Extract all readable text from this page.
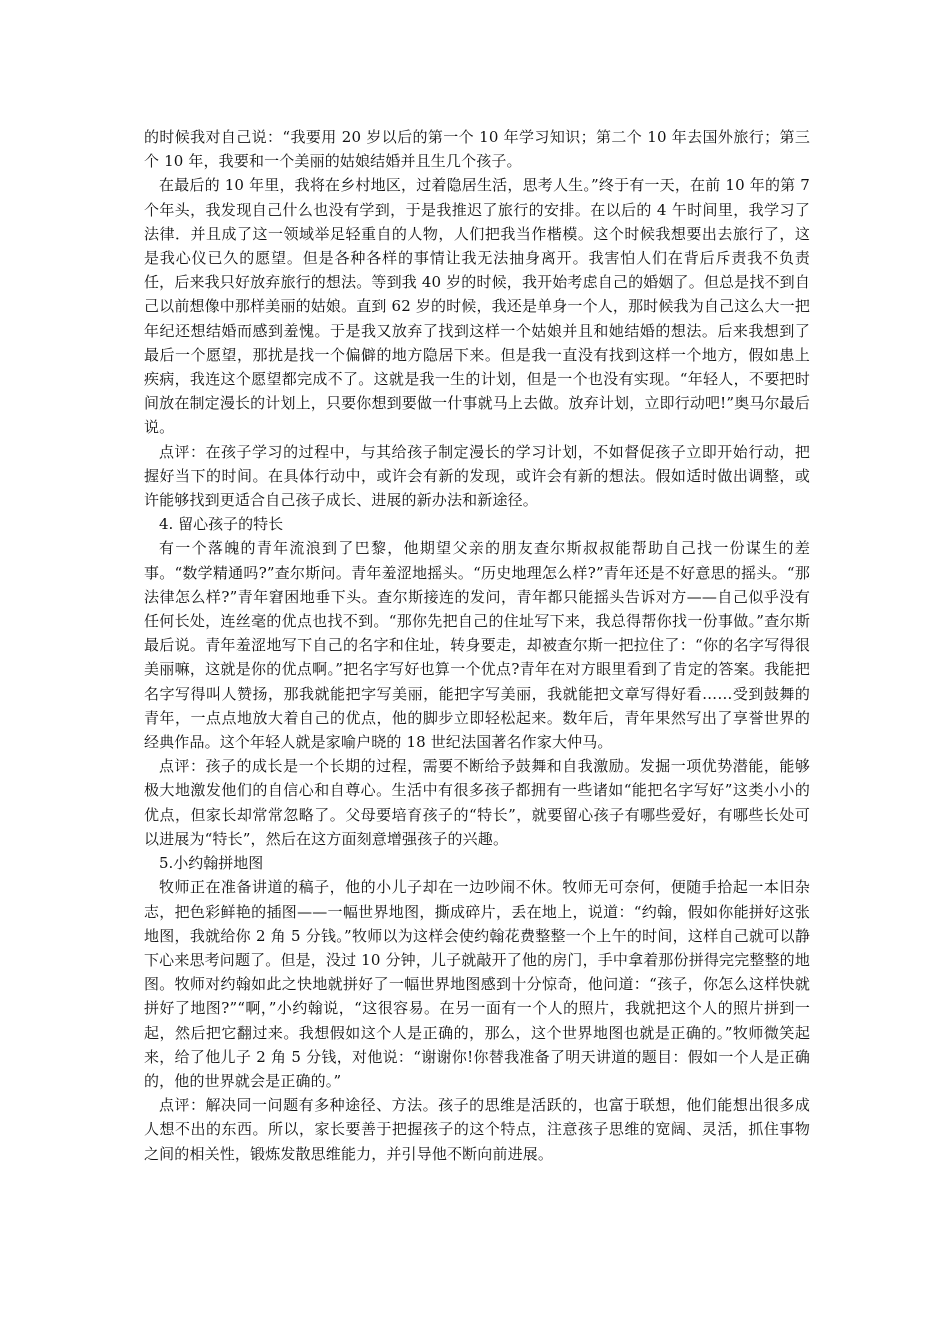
的时候我对自己说：“我要用 20 岁以后的第一个 10 年学习知识；第二个 10 年去国外旅行；第三个 10 年，我要和一个美丽的姑娘结婚并且生几个孩子。

在最后的 10 年里，我将在乡村地区，过着隐居生活，思考人生。”终于有一天，在前 10 年的第 7 个年头，我发现自己什么也没有学到，于是我推迟了旅行的安排。在以后的 4 午时间里，我学习了法律．并且成了这一领域举足轻重自的人物，人们把我当作楷模。这个时候我想要出去旅行了，这是我心仪已久的愿望。但是各种各样的事情让我无法抽身离开。我害怕人们在背后斥责我不负责任，后来我只好放弃旅行的想法。等到我 40 岁的时候，我开始考虑自己的婚姻了。但总是找不到自己以前想像中那样美丽的姑娘。直到 62 岁的时候，我还是单身一个人，那时候我为自己这么大一把年纪还想结婚而感到羞愧。于是我又放弃了找到这样一个姑娘并且和她结婚的想法。后来我想到了最后一个愿望，那扰是找一个偏僻的地方隐居下来。但是我一直没有找到这样一个地方，假如患上疾病，我连这个愿望都完成不了。这就是我一生的计划，但是一个也没有实现。“年轻人，不要把时间放在制定漫长的计划上，只要你想到要做一什事就马上去做。放弃计划，立即行动吧!”奥马尔最后说。

点评：在孩子学习的过程中，与其给孩子制定漫长的学习计划，不如督促孩子立即开始行动，把握好当下的时间。在具体行动中，或许会有新的发现，或许会有新的想法。假如适时做出调整，或许能够找到更适合自己孩子成长、进展的新办法和新途径。

4. 留心孩子的特长

有一个落魄的青年流浪到了巴黎，他期望父亲的朋友查尔斯叔叔能帮助自己找一份谋生的差事。“数学精通吗?”查尔斯问。青年羞涩地摇头。“历史地理怎么样?”青年还是不好意思的摇头。“那法律怎么样?”青年窘困地垂下头。查尔斯接连的发问，青年都只能摇头告诉对方——自己似乎没有任何长处，连丝毫的优点也找不到。“那你先把自己的住址写下来，我总得帮你找一份事做。”查尔斯最后说。青年羞涩地写下自己的名字和住址，转身要走，却被查尔斯一把拉住了：“你的名字写得很美丽嘛，这就是你的优点啊。”把名字写好也算一个优点?青年在对方眼里看到了肯定的答案。我能把名字写得叫人赞扬，那我就能把字写美丽，能把字写美丽，我就能把文章写得好看……受到鼓舞的青年，一点点地放大着自己的优点，他的脚步立即轻松起来。数年后，青年果然写出了享誉世界的经典作品。这个年轻人就是家喻户晓的 18 世纪法国著名作家大仲马。

点评：孩子的成长是一个长期的过程，需要不断给予鼓舞和自我激励。发掘一项优势潜能，能够极大地激发他们的自信心和自尊心。生活中有很多孩子都拥有一些诸如“能把名字写好”这类小小的优点，但家长却常常忽略了。父母要培育孩子的“特长”，就要留心孩子有哪些爱好，有哪些长处可以进展为“特长”，然后在这方面刻意增强孩子的兴趣。

5.小约翰拼地图

牧师正在准备讲道的稿子，他的小儿子却在一边吵闹不休。牧师无可奈何，便随手拾起一本旧杂志，把色彩鲜艳的插图——一幅世界地图，撕成碎片，丢在地上，说道：“约翰，假如你能拼好这张地图，我就给你 2 角 5 分钱。”牧师以为这样会使约翰花费整整一个上午的时间，这样自己就可以静下心来思考问题了。但是，没过 10 分钟，儿子就敲开了他的房门，手中拿着那份拼得完完整整的地图。牧师对约翰如此之快地就拼好了一幅世界地图感到十分惊奇，他问道：“孩子，你怎么这样快就拼好了地图?”“啊，”小约翰说，“这很容易。在另一面有一个人的照片，我就把这个人的照片拼到一起，然后把它翻过来。我想假如这个人是正确的，那么，这个世界地图也就是正确的。”牧师微笑起来，给了他儿子 2 角 5 分钱，对他说：“谢谢你!你替我准备了明天讲道的题目：假如一个人是正确的，他的世界就会是正确的。”

点评：解决同一问题有多种途径、方法。孩子的思维是活跃的，也富于联想，他们能想出很多成人想不出的东西。所以，家长要善于把握孩子的这个特点，注意孩子思维的宽阔、灵活，抓住事物之间的相关性，锻炼发散思维能力，并引导他不断向前进展。
